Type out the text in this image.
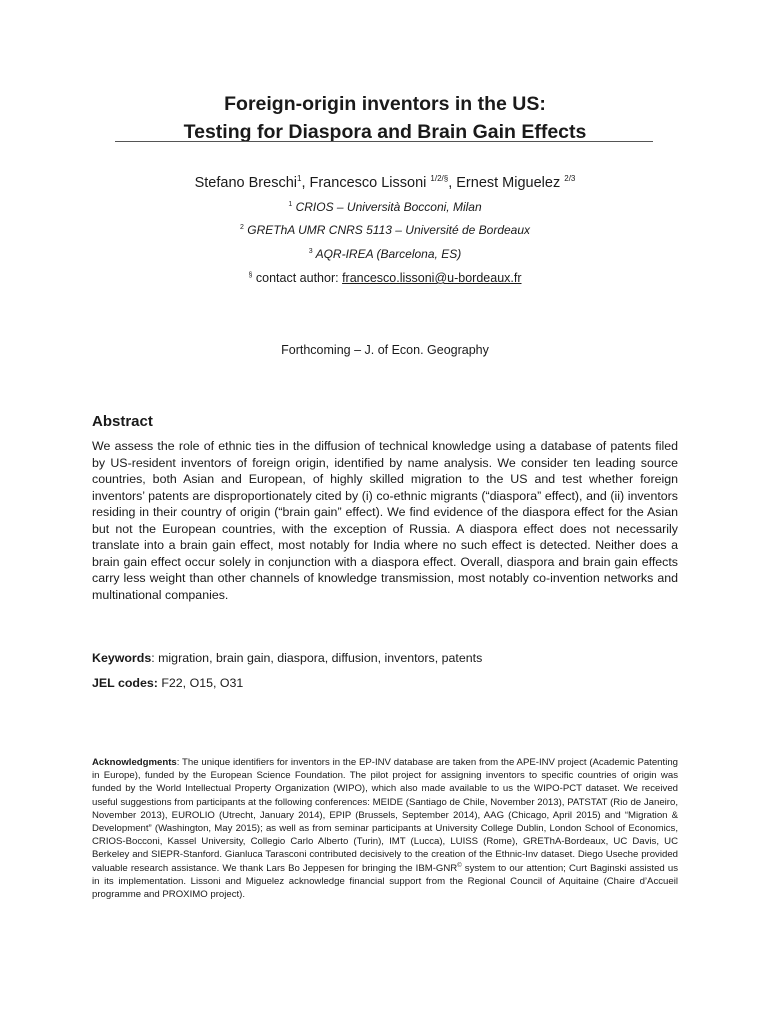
Foreign-origin inventors in the US:
Testing for Diaspora and Brain Gain Effects
Stefano Breschi$^1$, Francesco Lissoni $^{1/2/\S}$, Ernest Miguelez $^{2/3}$
$^1$ CRIOS – Università Bocconi, Milan
$^2$ GREThA UMR CNRS 5113 – Université de Bordeaux
$^3$ AQR-IREA (Barcelona, ES)
§ contact author: francesco.lissoni@u-bordeaux.fr
Forthcoming – J. of Econ. Geography
Abstract
We assess the role of ethnic ties in the diffusion of technical knowledge using a database of patents filed by US-resident inventors of foreign origin, identified by name analysis. We consider ten leading source countries, both Asian and European, of highly skilled migration to the US and test whether foreign inventors’ patents are disproportionately cited by (i) co-ethnic migrants (“diaspora” effect), and (ii) inventors residing in their country of origin (“brain gain” effect). We find evidence of the diaspora effect for the Asian but not the European countries, with the exception of Russia. A diaspora effect does not necessarily translate into a brain gain effect, most notably for India where no such effect is detected. Neither does a brain gain effect occur solely in conjunction with a diaspora effect. Overall, diaspora and brain gain effects carry less weight than other channels of knowledge transmission, most notably co-invention networks and multinational companies.
Keywords: migration, brain gain, diaspora, diffusion, inventors, patents
JEL codes: F22, O15, O31
Acknowledgments: The unique identifiers for inventors in the EP-INV database are taken from the APE-INV project (Academic Patenting in Europe), funded by the European Science Foundation. The pilot project for assigning inventors to specific countries of origin was funded by the World Intellectual Property Organization (WIPO), which also made available to us the WIPO-PCT dataset. We received useful suggestions from participants at the following conferences: MEIDE (Santiago de Chile, November 2013), PATSTAT (Rio de Janeiro, November 2013), EUROLIO (Utrecht, January 2014), EPIP (Brussels, September 2014), AAG (Chicago, April 2015) and “Migration & Development” (Washington, May 2015); as well as from seminar participants at University College Dublin, London School of Economics, CRIOS-Bocconi, Kassel University, Collegio Carlo Alberto (Turin), IMT (Lucca), LUISS (Rome), GREThA-Bordeaux, UC Davis, UC Berkeley and SIEPR-Stanford. Gianluca Tarasconi contributed decisively to the creation of the Ethnic-Inv dataset. Diego Useche provided valuable research assistance. We thank Lars Bo Jeppesen for bringing the IBM-GNR© system to our attention; Curt Baginski assisted us in its implementation. Lissoni and Miguelez acknowledge financial support from the Regional Council of Aquitaine (Chaire d’Accueil programme and PROXIMO project).
